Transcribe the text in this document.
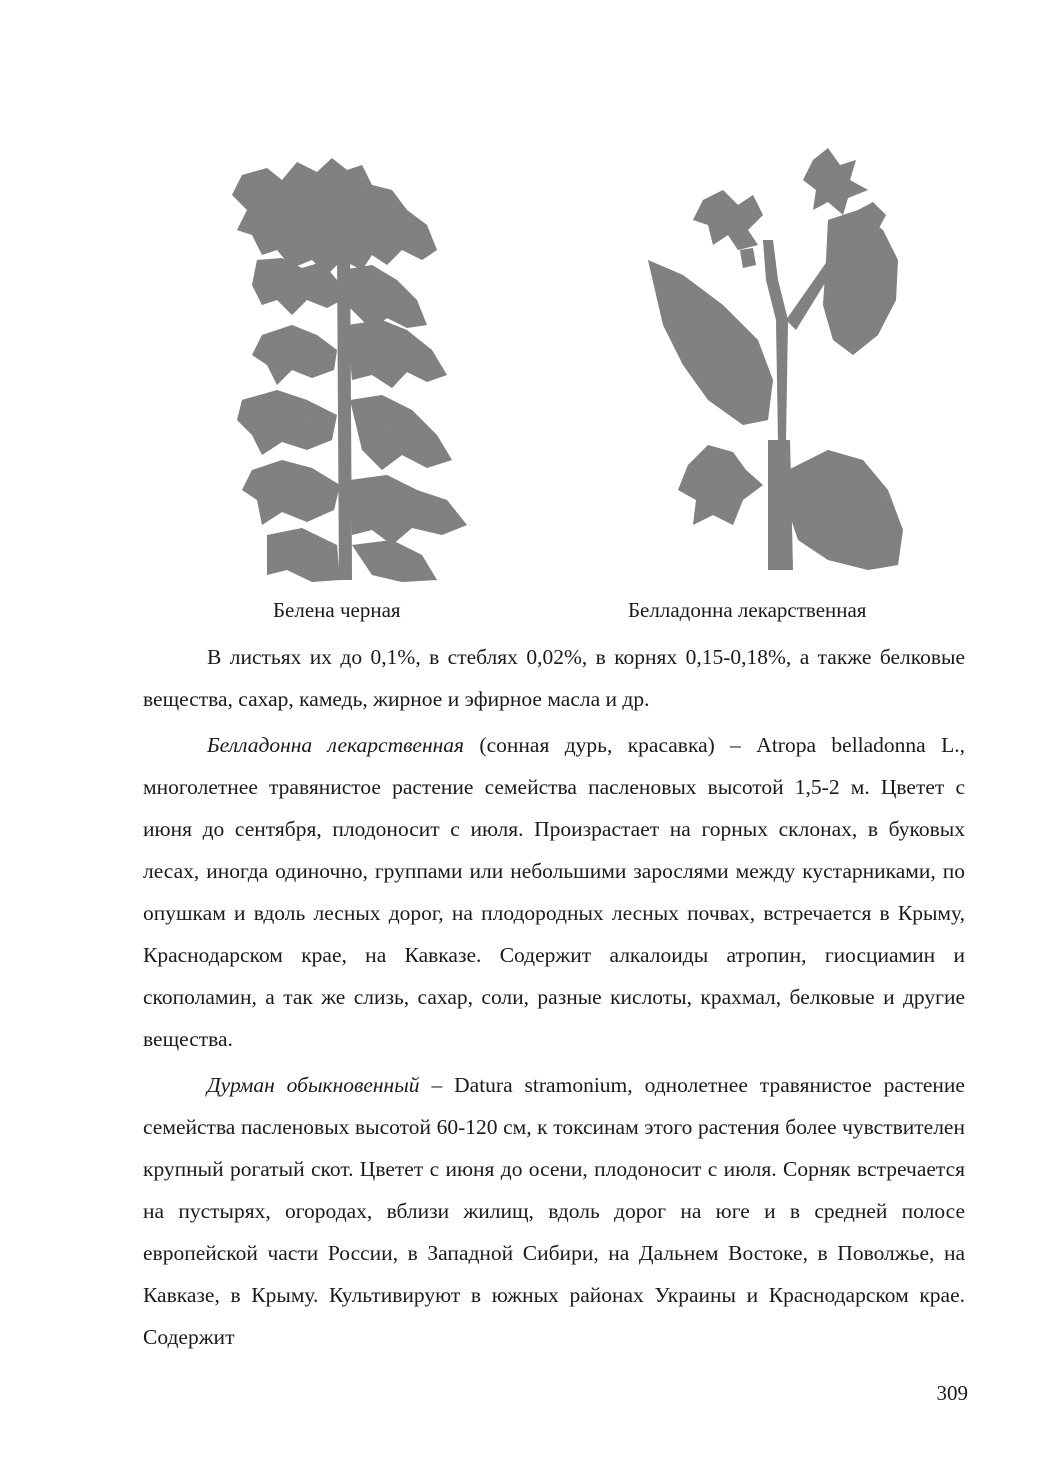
Белена черная	Белладонна лекарственная

В листьях их до 0,1%, в стеблях 0,02%, в корнях 0,15-0,18%, а также белковые вещества, сахар, камедь, жирное и эфирное масла и др.

Белладонна лекарственная (сонная дурь, красавка) – Atropa belladonna L., многолетнее травянистое растение семейства пасленовых высотой 1,5-2 м. Цветет с июня до сентября, плодоносит с июля. Произрастает на горных склонах, в буковых лесах, иногда одиночно, группами или небольшими зарослями между кустарниками, по опушкам и вдоль лесных дорог, на плодородных лесных почвах, встречается в Крыму, Краснодарском крае, на Кавказе. Содержит алкалоиды атропин, гиосциамин и скополамин, а так же слизь, сахар, соли, разные кислоты, крахмал, белковые и другие вещества.

Дурман обыкновенный – Datura stramonium, однолетнее травянистое растение семейства пасленовых высотой 60-120 см, к токсинам этого растения более чувствителен крупный рогатый скот. Цветет с июня до осени, плодоносит с июля. Сорняк встречается на пустырях, огородах, вблизи жилищ, вдоль дорог на юге и в средней полосе европейской части России, в Западной Сибири, на Дальнем Востоке, в Поволжье, на Кавказе, в Крыму. Культивируют в южных районах Украины и Краснодарском крае. Содержит

309
